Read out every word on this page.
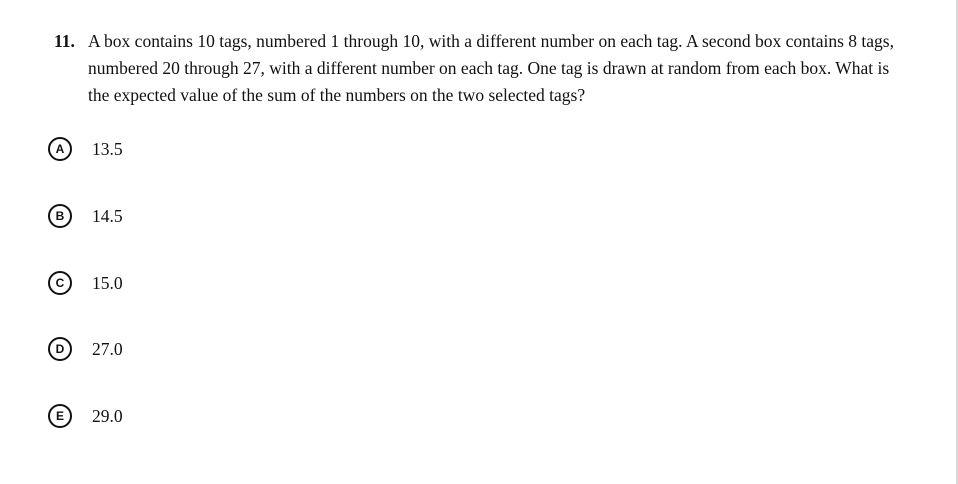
11. A box contains 10 tags, numbered 1 through 10, with a different number on each tag. A second box contains 8 tags, numbered 20 through 27, with a different number on each tag. One tag is drawn at random from each box. What is the expected value of the sum of the numbers on the two selected tags?
A	13.5
B	14.5
C	15.0
D	27.0
E	29.0
